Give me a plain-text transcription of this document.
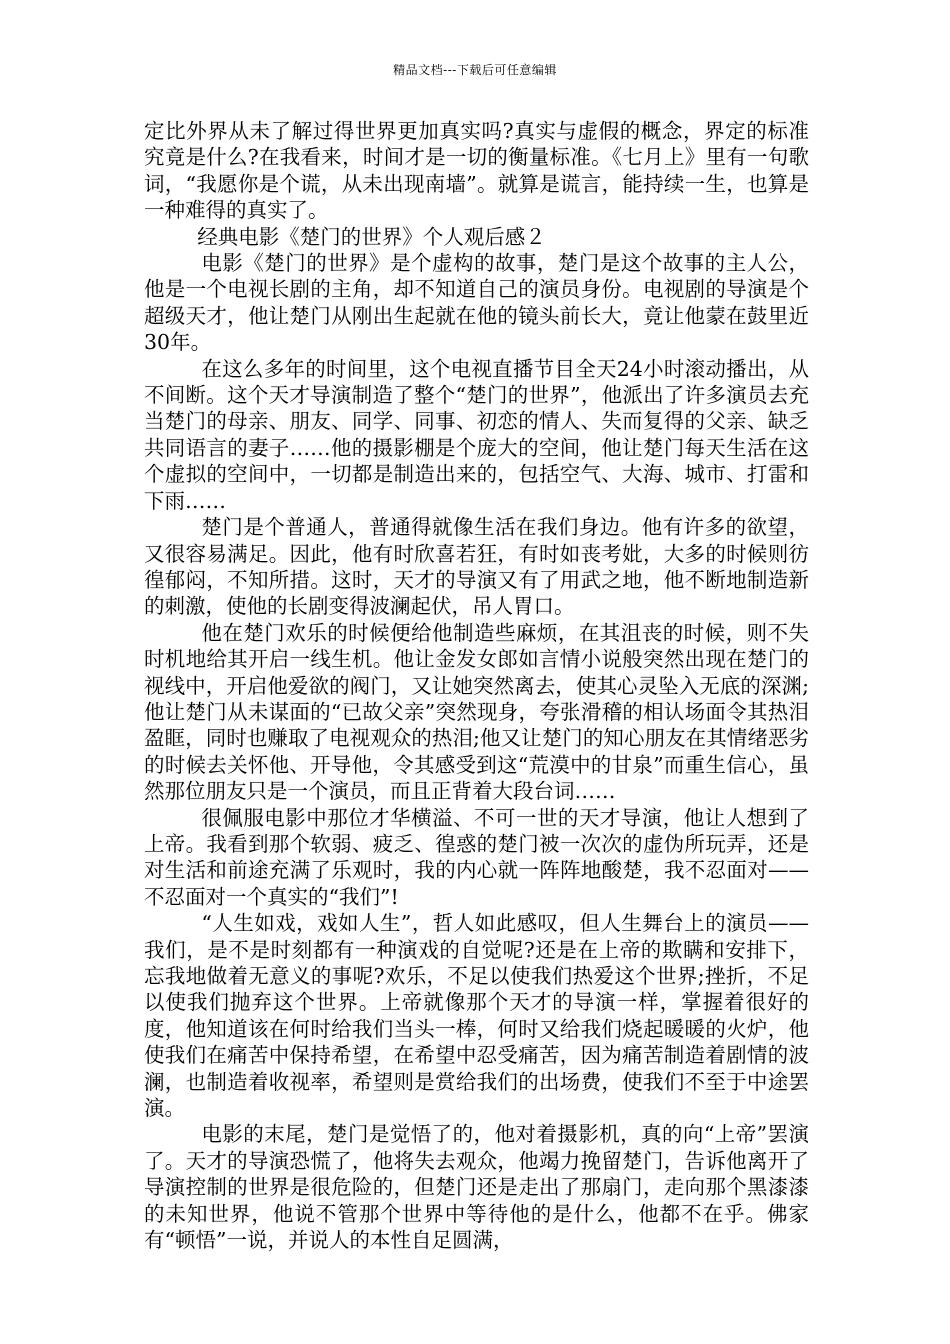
精品文档---下载后可任意编辑

定比外界从未了解过得世界更加真实吗?真实与虚假的概念，界定的标准究竟是什么?在我看来，时间才是一切的衡量标准。《七月上》里有一句歌词，“我愿你是个谎，从未出现南墙”。就算是谎言，能持续一生，也算是一种难得的真实了。

经典电影《楚门的世界》个人观后感２

电影《楚门的世界》是个虚构的故事，楚门是这个故事的主人公，他是一个电视长剧的主角，却不知道自己的演员身份。电视剧的导演是个超级天才，他让楚门从刚出生起就在他的镜头前长大，竟让他蒙在鼓里近30年。

在这么多年的时间里，这个电视直播节目全天24小时滚动播出，从不间断。这个天才导演制造了整个“楚门的世界”，他派出了许多演员去充当楚门的母亲、朋友、同学、同事、初恋的情人、失而复得的父亲、缺乏共同语言的妻子……他的摄影棚是个庞大的空间，他让楚门每天生活在这个虚拟的空间中，一切都是制造出来的，包括空气、大海、城市、打雷和下雨……

楚门是个普通人，普通得就像生活在我们身边。他有许多的欲望，又很容易满足。因此，他有时欣喜若狂，有时如丧考妣，大多的时候则彷徨郁闷，不知所措。这时，天才的导演又有了用武之地，他不断地制造新的刺激，使他的长剧变得波澜起伏，吊人胃口。

他在楚门欢乐的时候便给他制造些麻烦，在其沮丧的时候，则不失时机地给其开启一线生机。他让金发女郎如言情小说般突然出现在楚门的视线中，开启他爱欲的阀门，又让她突然离去，使其心灵坠入无底的深渊;他让楚门从未谋面的“已故父亲”突然现身，夸张滑稽的相认场面令其热泪盈眶，同时也赚取了电视观众的热泪;他又让楚门的知心朋友在其情绪恶劣的时候去关怀他、开导他，令其感受到这“荒漠中的甘泉”而重生信心，虽然那位朋友只是一个演员，而且正背着大段台词……

很佩服电影中那位才华横溢、不可一世的天才导演，他让人想到了上帝。我看到那个软弱、疲乏、徨惑的楚门被一次次的虚伪所玩弄，还是对生活和前途充满了乐观时，我的内心就一阵阵地酸楚，我不忍面对——不忍面对一个真实的“我们”!

“人生如戏，戏如人生”，哲人如此感叹，但人生舞台上的演员——我们，是不是时刻都有一种演戏的自觉呢?还是在上帝的欺瞒和安排下，忘我地做着无意义的事呢?欢乐，不足以使我们热爱这个世界;挫折，不足以使我们抛弃这个世界。上帝就像那个天才的导演一样，掌握着很好的度，他知道该在何时给我们当头一棒，何时又给我们烧起暖暖的火炉，他使我们在痛苦中保持希望，在希望中忍受痛苦，因为痛苦制造着剧情的波澜，也制造着收视率，希望则是赏给我们的出场费，使我们不至于中途罢演。

电影的末尾，楚门是觉悟了的，他对着摄影机，真的向“上帝”罢演了。天才的导演恐慌了，他将失去观众，他竭力挽留楚门，告诉他离开了导演控制的世界是很危险的，但楚门还是走出了那扇门，走向那个黑漆漆的未知世界，他说不管那个世界中等待他的是什么，他都不在乎。佛家有“顿悟”一说，并说人的本性自足圆满，
